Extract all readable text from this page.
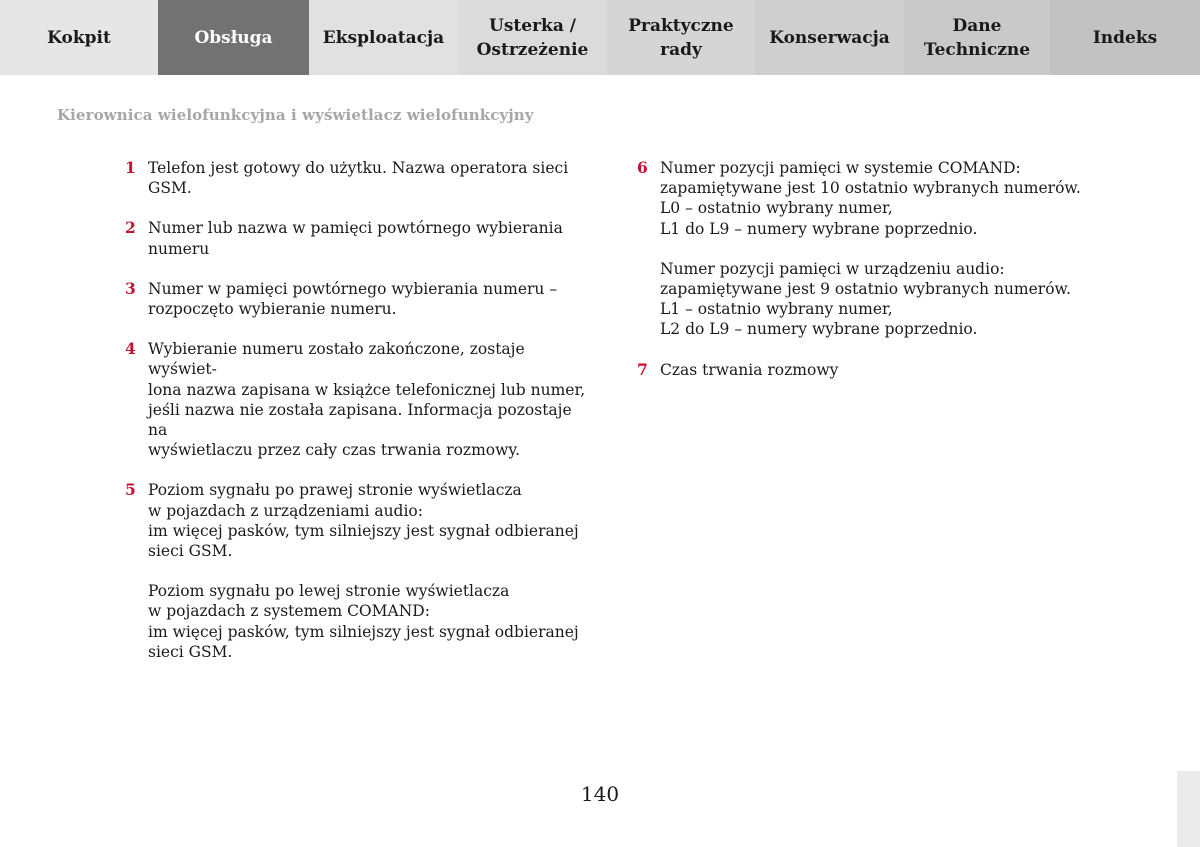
Kokpit	Obsługa	Eksploatacja
Usterka /
Ostrzeżenie
Praktyczne
rady
Konserwacja
Dane
Techniczne
Indeks
Kierownica wielofunkcyjna i wyświetlacz wielofunkcyjny
1 Telefon jest gotowy do użytku. Nazwa operatora sieci GSM.
2 Numer lub nazwa w pamięci powtórnego wybierania
numeru
3 Numer w pamięci powtórnego wybierania numeru –
rozpoczęto wybieranie numeru.
4 Wybieranie numeru zostało zakończone, zostaje wyświet-
lona nazwa zapisana w książce telefonicznej lub numer,
jeśli nazwa nie została zapisana. Informacja pozostaje na
wyświetlaczu przez cały czas trwania rozmowy.
5 Poziom sygnału po prawej stronie wyświetlacza
w pojazdach z urządzeniami audio:
im więcej pasków, tym silniejszy jest sygnał odbieranej
sieci GSM.
Poziom sygnału po lewej stronie wyświetlacza
w pojazdach z systemem COMAND:
im więcej pasków, tym silniejszy jest sygnał odbieranej
sieci GSM.
6 Numer pozycji pamięci w systemie COMAND:
zapamiętywane jest 10 ostatnio wybranych numerów.
L0 – ostatnio wybrany numer,
L1 do L9 – numery wybrane poprzednio.
Numer pozycji pamięci w urządzeniu audio:
zapamiętywane jest 9 ostatnio wybranych numerów.
L1 – ostatnio wybrany numer,
L2 do L9 – numery wybrane poprzednio.
7 Czas trwania rozmowy
140
